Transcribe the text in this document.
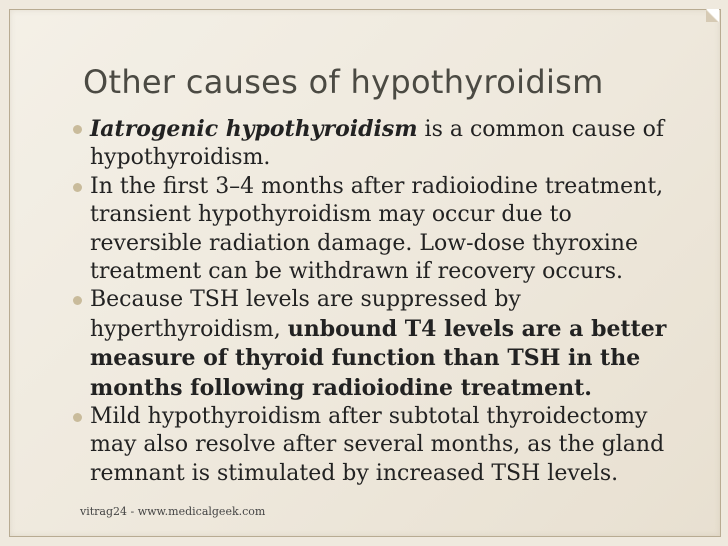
Other causes of hypothyroidism
Iatrogenic hypothyroidism is a common cause of hypothyroidism.
In the first 3–4 months after radioiodine treatment, transient hypothyroidism may occur due to reversible radiation damage. Low-dose thyroxine treatment can be withdrawn if recovery occurs.
Because TSH levels are suppressed by hyperthyroidism, unbound T4 levels are a better measure of thyroid function than TSH in the months following radioiodine treatment.
Mild hypothyroidism after subtotal thyroidectomy may also resolve after several months, as the gland remnant is stimulated by increased TSH levels.
vitrag24 - www.medicalgeek.com
